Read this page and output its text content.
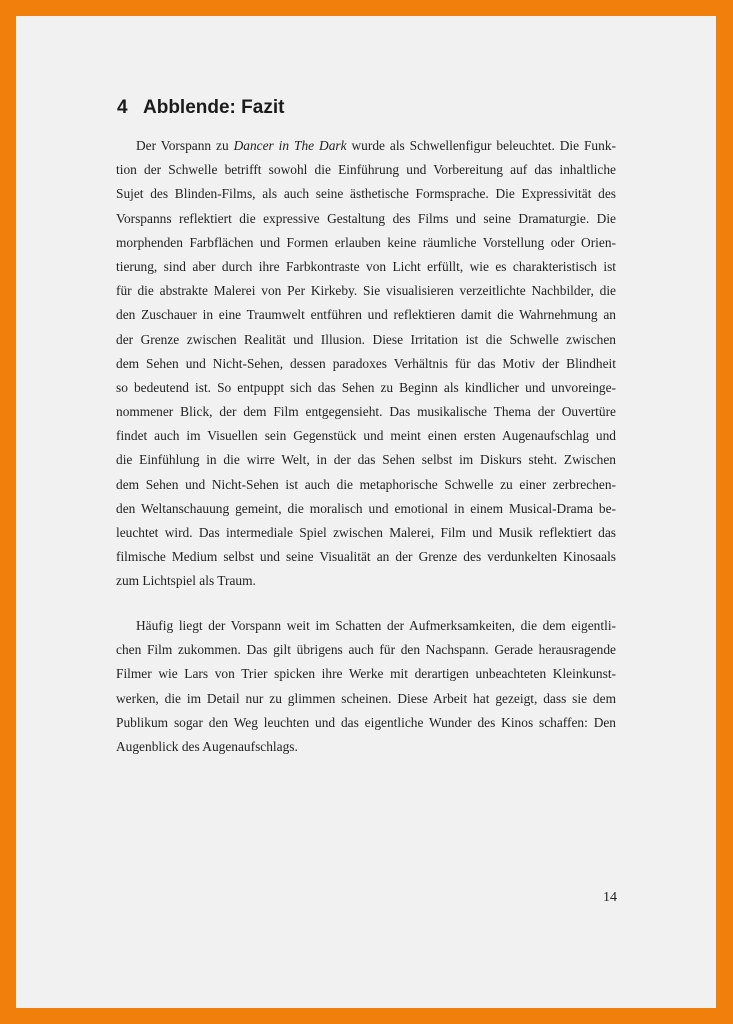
4 Abblende: Fazit
Der Vorspann zu Dancer in The Dark wurde als Schwellenfigur beleuchtet. Die Funk-
tion der Schwelle betrifft sowohl die Einführung und Vorbereitung auf das inhaltliche
Sujet des Blinden-Films, als auch seine ästhetische Formsprache. Die Expressivität des
Vorspanns reflektiert die expressive Gestaltung des Films und seine Dramaturgie. Die
morphenden Farbflächen und Formen erlauben keine räumliche Vorstellung oder Orien-
tierung, sind aber durch ihre Farbkontraste von Licht erfüllt, wie es charakteristisch ist
für die abstrakte Malerei von Per Kirkeby. Sie visualisieren verzeitlichte Nachbilder, die
den Zuschauer in eine Traumwelt entführen und reflektieren damit die Wahrnehmung an
der Grenze zwischen Realität und Illusion. Diese Irritation ist die Schwelle zwischen
dem Sehen und Nicht-Sehen, dessen paradoxes Verhältnis für das Motiv der Blindheit
so bedeutend ist. So entpuppt sich das Sehen zu Beginn als kindlicher und unvoreinge-
nommener Blick, der dem Film entgegensieht. Das musikalische Thema der Ouvertüre
findet auch im Visuellen sein Gegenstück und meint einen ersten Augenaufschlag und
die Einfühlung in die wirre Welt, in der das Sehen selbst im Diskurs steht. Zwischen
dem Sehen und Nicht-Sehen ist auch die metaphorische Schwelle zu einer zerbrechen-
den Weltanschauung gemeint, die moralisch und emotional in einem Musical-Drama be-
leuchtet wird. Das intermediale Spiel zwischen Malerei, Film und Musik reflektiert das
filmische Medium selbst und seine Visualität an der Grenze des verdunkelten Kinosaals
zum Lichtspiel als Traum.
Häufig liegt der Vorspann weit im Schatten der Aufmerksamkeiten, die dem eigentli-
chen Film zukommen. Das gilt übrigens auch für den Nachspann. Gerade herausragende
Filmer wie Lars von Trier spicken ihre Werke mit derartigen unbeachteten Kleinkunst-
werken, die im Detail nur zu glimmen scheinen. Diese Arbeit hat gezeigt, dass sie dem
Publikum sogar den Weg leuchten und das eigentliche Wunder des Kinos schaffen: Den
Augenblick des Augenaufschlags.
14
